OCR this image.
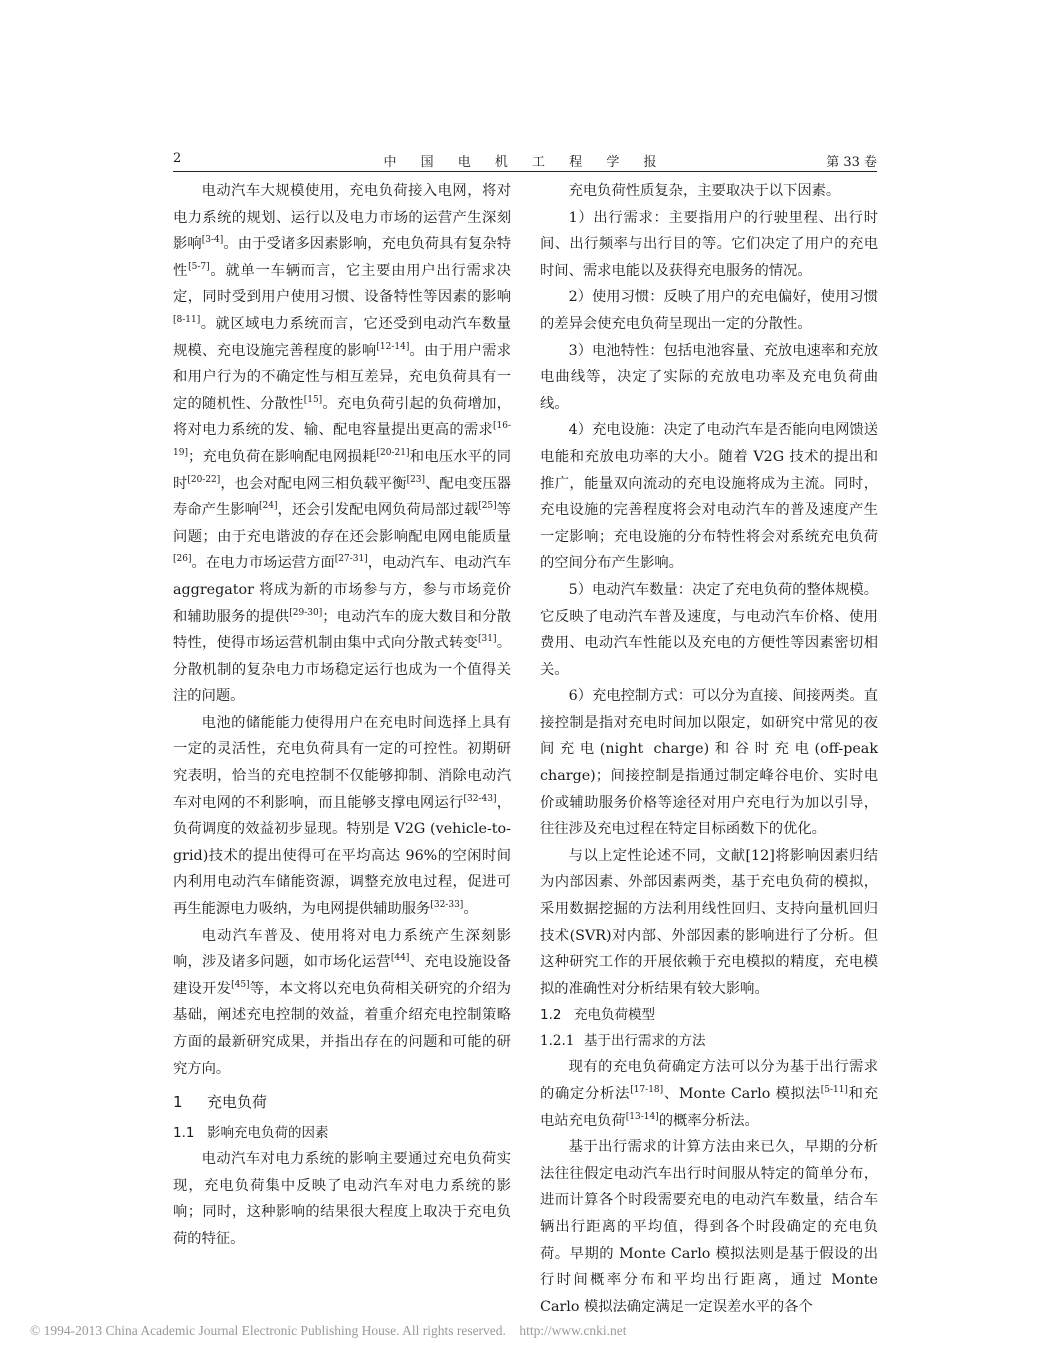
2	中 国 电 机 工 程 学 报	第 33 卷

电动汽车大规模使用，充电负荷接入电网，将对电力系统的规划、运行以及电力市场的运营产生深刻影响[3-4]。由于受诸多因素影响，充电负荷具有复杂特性[5-7]。就单一车辆而言，它主要由用户出行需求决定，同时受到用户使用习惯、设备特性等因素的影响[8-11]。就区域电力系统而言，它还受到电动汽车数量规模、充电设施完善程度的影响[12-14]。由于用户需求和用户行为的不确定性与相互差异，充电负荷具有一定的随机性、分散性[15]。充电负荷引起的负荷增加，将对电力系统的发、输、配电容量提出更高的需求[16-19]；充电负荷在影响配电网损耗[20-21]和电压水平的同时[20-22]，也会对配电网三相负载平衡[23]、配电变压器寿命产生影响[24]，还会引发配电网负荷局部过载[25]等问题；由于充电谐波的存在还会影响配电网电能质量[26]。在电力市场运营方面[27-31]，电动汽车、电动汽车 aggregator 将成为新的市场参与方，参与市场竞价和辅助服务的提供[29-30]；电动汽车的庞大数目和分散特性，使得市场运营机制由集中式向分散式转变[31]。分散机制的复杂电力市场稳定运行也成为一个值得关注的问题。

电池的储能能力使得用户在充电时间选择上具有一定的灵活性，充电负荷具有一定的可控性。初期研究表明，恰当的充电控制不仅能够抑制、消除电动汽车对电网的不利影响，而且能够支撑电网运行[32-43]，负荷调度的效益初步显现。特别是 V2G (vehicle-to-grid)技术的提出使得可在平均高达 96%的空闲时间内利用电动汽车储能资源，调整充放电过程，促进可再生能源电力吸纳，为电网提供辅助服务[32-33]。

电动汽车普及、使用将对电力系统产生深刻影响，涉及诸多问题，如市场化运营[44]、充电设施设备建设开发[45]等，本文将以充电负荷相关研究的介绍为基础，阐述充电控制的效益，着重介绍充电控制策略方面的最新研究成果，并指出存在的问题和可能的研究方向。

1 充电负荷
1.1 影响充电负荷的因素

电动汽车对电力系统的影响主要通过充电负荷实现，充电负荷集中反映了电动汽车对电力系统的影响；同时，这种影响的结果很大程度上取决于充电负荷的特征。

充电负荷性质复杂，主要取决于以下因素。

1）出行需求：主要指用户的行驶里程、出行时间、出行频率与出行目的等。它们决定了用户的充电时间、需求电能以及获得充电服务的情况。

2）使用习惯：反映了用户的充电偏好，使用习惯的差异会使充电负荷呈现出一定的分散性。

3）电池特性：包括电池容量、充放电速率和充放电曲线等，决定了实际的充放电功率及充电负荷曲线。

4）充电设施：决定了电动汽车是否能向电网馈送电能和充放电功率的大小。随着 V2G 技术的提出和推广，能量双向流动的充电设施将成为主流。同时，充电设施的完善程度将会对电动汽车的普及速度产生一定影响；充电设施的分布特性将会对系统充电负荷的空间分布产生影响。

5）电动汽车数量：决定了充电负荷的整体规模。它反映了电动汽车普及速度，与电动汽车价格、使用费用、电动汽车性能以及充电的方便性等因素密切相关。

6）充电控制方式：可以分为直接、间接两类。直接控制是指对充电时间加以限定，如研究中常见的夜间充电(night charge)和谷时充电(off-peak charge)；间接控制是指通过制定峰谷电价、实时电价或辅助服务价格等途径对用户充电行为加以引导，往往涉及充电过程在特定目标函数下的优化。

与以上定性论述不同，文献[12]将影响因素归结为内部因素、外部因素两类，基于充电负荷的模拟，采用数据挖掘的方法利用线性回归、支持向量机回归技术(SVR)对内部、外部因素的影响进行了分析。但这种研究工作的开展依赖于充电模拟的精度，充电模拟的准确性对分析结果有较大影响。

1.2 充电负荷模型
1.2.1 基于出行需求的方法

现有的充电负荷确定方法可以分为基于出行需求的确定分析法[17-18]、Monte Carlo 模拟法[5-11]和充电站充电负荷[13-14]的概率分析法。

基于出行需求的计算方法由来已久，早期的分析法往往假定电动汽车出行时间服从特定的简单分布，进而计算各个时段需要充电的电动汽车数量，结合车辆出行距离的平均值，得到各个时段确定的充电负荷。早期的 Monte Carlo 模拟法则是基于假设的出行时间概率分布和平均出行距离，通过 Monte Carlo 模拟法确定满足一定误差水平的各个

© 1994-2013 China Academic Journal Electronic Publishing House. All rights reserved. http://www.cnki.net
